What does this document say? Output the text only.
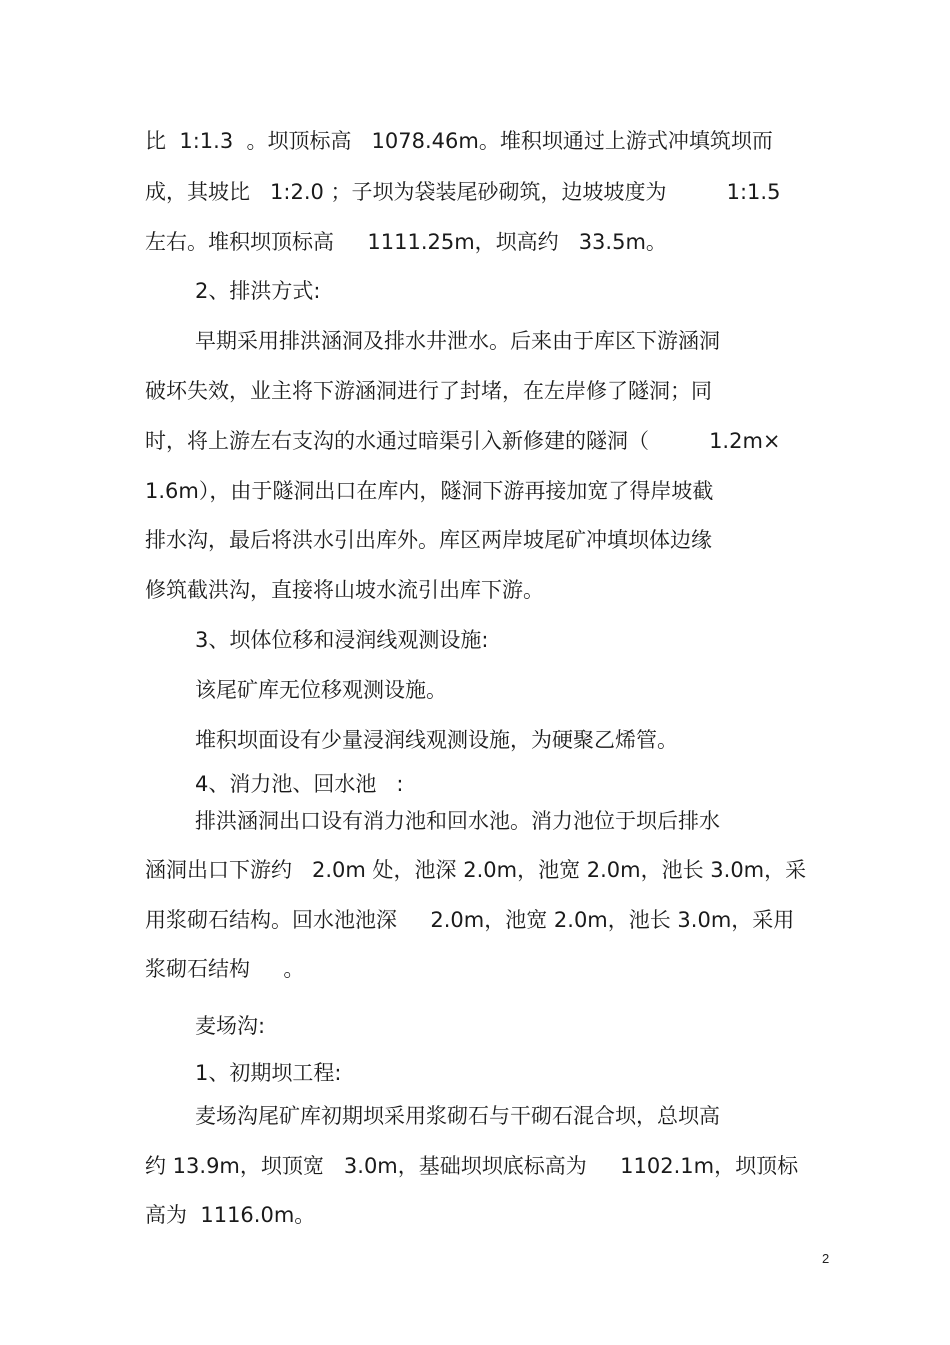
比  1:1.3  。坝顶标高   1078.46m。堆积坝通过上游式冲填筑坝而
成，其坡比   1:2.0 ；子坝为袋装尾砂砌筑，边坡坡度为         1:1.5
左右。堆积坝顶标高     1111.25m，坝高约   33.5m。
2、排洪方式:
早期采用排洪涵洞及排水井泄水。后来由于库区下游涵洞
破坏失效，业主将下游涵洞进行了封堵，在左岸修了隧洞；同
时，将上游左右支沟的水通过暗渠引入新修建的隧洞（         1.2m×
1.6m），由于隧洞出口在库内，隧洞下游再接加宽了得岸坡截
排水沟，最后将洪水引出库外。库区两岸坡尾矿冲填坝体边缘
修筑截洪沟，直接将山坡水流引出库下游。
3、坝体位移和浸润线观测设施:
该尾矿库无位移观测设施。
堆积坝面设有少量浸润线观测设施，为硬聚乙烯管。
4、消力池、回水池   :
排洪涵洞出口设有消力池和回水池。消力池位于坝后排水
涵洞出口下游约   2.0m 处，池深 2.0m，池宽 2.0m，池长 3.0m，采
用浆砌石结构。回水池池深     2.0m，池宽 2.0m，池长 3.0m，采用
浆砌石结构     。
麦场沟:
1、初期坝工程:
麦场沟尾矿库初期坝采用浆砌石与干砌石混合坝，总坝高
约 13.9m，坝顶宽   3.0m，基础坝坝底标高为     1102.1m，坝顶标
高为  1116.0m。
2
